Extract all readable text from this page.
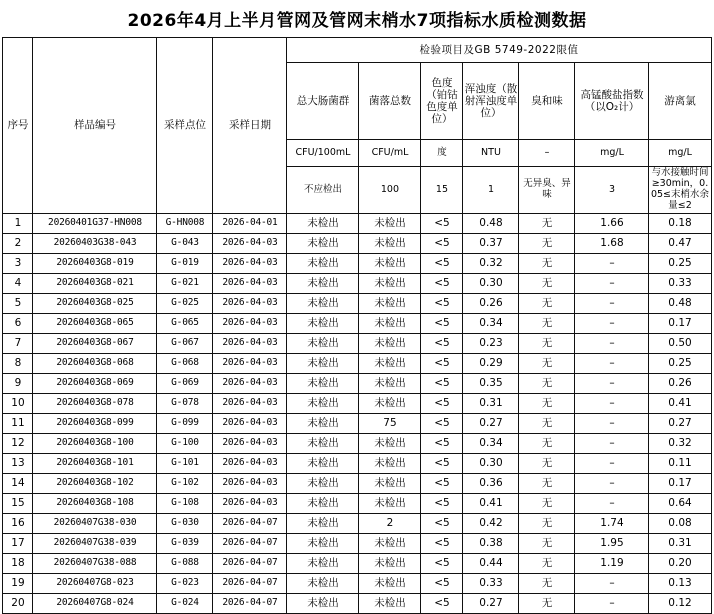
2026年4月上半月管网及管网末梢水7项指标水质检测数据
序号	样品编号	采样点位	采样日期	检验项目及GB 5749-2022限值						
				总大肠菌群	菌落总数	色度（铂钴色度单位）	浑浊度（散射浑浊度单位）	臭和味	高锰酸盐指数（以O₂计）	游离氯
				CFU/100mL	CFU/mL	度	NTU	–	mg/L	mg/L
				不应检出	100	15	1	无异臭、异味	3	与水接触时间≥30min，0.05≤末梢水余量≤2
1	20260401G37-HN008	G-HN008	2026-04-01	未检出	未检出	<5	0.48	无	1.66	0.18
2	20260403G38-043	G-043	2026-04-03	未检出	未检出	<5	0.37	无	1.68	0.47
3	20260403G8-019	G-019	2026-04-03	未检出	未检出	<5	0.32	无	–	0.25
4	20260403G8-021	G-021	2026-04-03	未检出	未检出	<5	0.30	无	–	0.33
5	20260403G8-025	G-025	2026-04-03	未检出	未检出	<5	0.26	无	–	0.48
6	20260403G8-065	G-065	2026-04-03	未检出	未检出	<5	0.34	无	–	0.17
7	20260403G8-067	G-067	2026-04-03	未检出	未检出	<5	0.23	无	–	0.50
8	20260403G8-068	G-068	2026-04-03	未检出	未检出	<5	0.29	无	–	0.25
9	20260403G8-069	G-069	2026-04-03	未检出	未检出	<5	0.35	无	–	0.26
10	20260403G8-078	G-078	2026-04-03	未检出	未检出	<5	0.31	无	–	0.41
11	20260403G8-099	G-099	2026-04-03	未检出	75	<5	0.27	无	–	0.27
12	20260403G8-100	G-100	2026-04-03	未检出	未检出	<5	0.34	无	–	0.32
13	20260403G8-101	G-101	2026-04-03	未检出	未检出	<5	0.30	无	–	0.11
14	20260403G8-102	G-102	2026-04-03	未检出	未检出	<5	0.36	无	–	0.17
15	20260403G8-108	G-108	2026-04-03	未检出	未检出	<5	0.41	无	–	0.64
16	20260407G38-030	G-030	2026-04-07	未检出	2	<5	0.42	无	1.74	0.08
17	20260407G38-039	G-039	2026-04-07	未检出	未检出	<5	0.38	无	1.95	0.31
18	20260407G38-088	G-088	2026-04-07	未检出	未检出	<5	0.44	无	1.19	0.20
19	20260407G8-023	G-023	2026-04-07	未检出	未检出	<5	0.33	无	–	0.13
20	20260407G8-024	G-024	2026-04-07	未检出	未检出	<5	0.27	无	–	0.12
